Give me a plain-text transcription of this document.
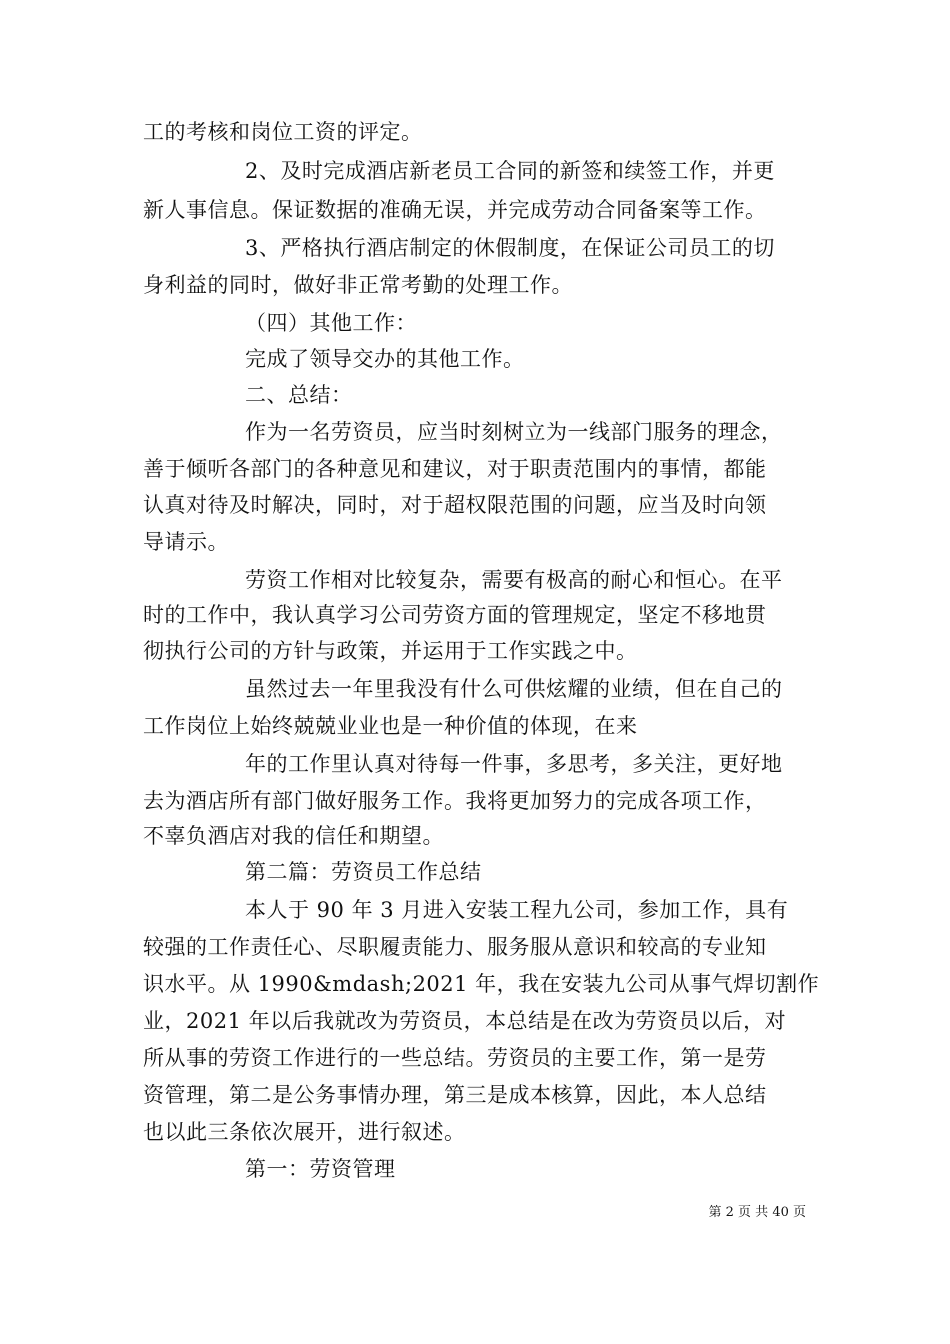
工的考核和岗位工资的评定。
2、及时完成酒店新老员工合同的新签和续签工作，并更
新人事信息。保证数据的准确无误，并完成劳动合同备案等工作。
3、严格执行酒店制定的休假制度，在保证公司员工的切
身利益的同时，做好非正常考勤的处理工作。
（四）其他工作：
完成了领导交办的其他工作。
二、总结：
作为一名劳资员，应当时刻树立为一线部门服务的理念，
善于倾听各部门的各种意见和建议，对于职责范围内的事情，都能
认真对待及时解决，同时，对于超权限范围的问题，应当及时向领
导请示。
劳资工作相对比较复杂，需要有极高的耐心和恒心。在平
时的工作中，我认真学习公司劳资方面的管理规定，坚定不移地贯
彻执行公司的方针与政策，并运用于工作实践之中。
虽然过去一年里我没有什么可供炫耀的业绩，但在自己的
工作岗位上始终兢兢业业也是一种价值的体现，在来
年的工作里认真对待每一件事，多思考，多关注，更好地
去为酒店所有部门做好服务工作。我将更加努力的完成各项工作，
不辜负酒店对我的信任和期望。
第二篇：劳资员工作总结
本人于 90 年 3 月进入安装工程九公司，参加工作，具有
较强的工作责任心、尽职履责能力、服务服从意识和较高的专业知
识水平。从 1990&mdash;2021 年，我在安装九公司从事气焊切割作
业，2021 年以后我就改为劳资员，本总结是在改为劳资员以后，对
所从事的劳资工作进行的一些总结。劳资员的主要工作，第一是劳
资管理，第二是公务事情办理，第三是成本核算，因此，本人总结
也以此三条依次展开，进行叙述。
第一：劳资管理
第 2 页 共 40 页
